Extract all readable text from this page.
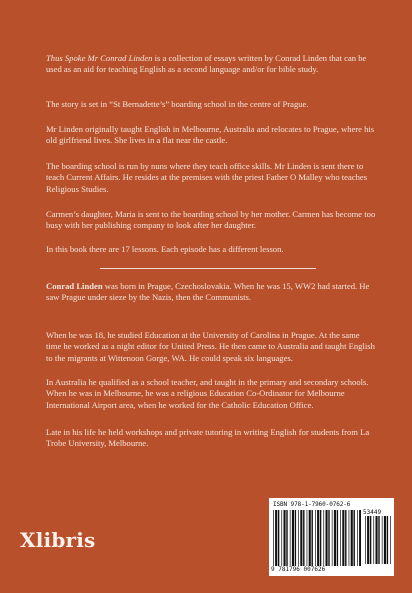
Thus Spoke Mr Conrad Linden is a collection of essays written by Conrad Linden that can be used as an aid for teaching English as a second language and/or for bible study.

The story is set in “St Bernadette’s” boarding school in the centre of Prague.

Mr Linden originally taught English in Melbourne, Australia and relocates to Prague, where his old girlfriend lives. She lives in a flat near the castle.

The boarding school is run by nuns where they teach office skills. Mr Linden is sent there to teach Current Affairs. He resides at the premises with the priest Father O Malley who teaches Religious Studies.

Carmen’s daughter, Maria is sent to the boarding school by her mother. Carmen has become too busy with her publishing company to look after her daughter.

In this book there are 17 lessons. Each episode has a different lesson.

Conrad Linden was born in Prague, Czechoslovakia. When he was 15, WW2 had started. He saw Prague under sieze by the Nazis, then the Communists.

When he was 18, he studied Education at the University of Carolina in Prague. At the same time he worked as a night editor for United Press. He then came to Australia and taught English to the migrants at Wittenoon Gorge, WA. He could speak six languages.

In Australia he qualified as a school teacher, and taught in the primary and secondary schools. When he was in Melbourne, he was a religious Education Co-Ordinator for Melbourne International Airport area, when he worked for the Catholic Education Office.

Late in his life he held workshops and private tutoring in writing English for students from La Trobe University, Melbourne.

Xlibris
ISBN 978-1-7960-0762-6
53449
9 781796 007626
